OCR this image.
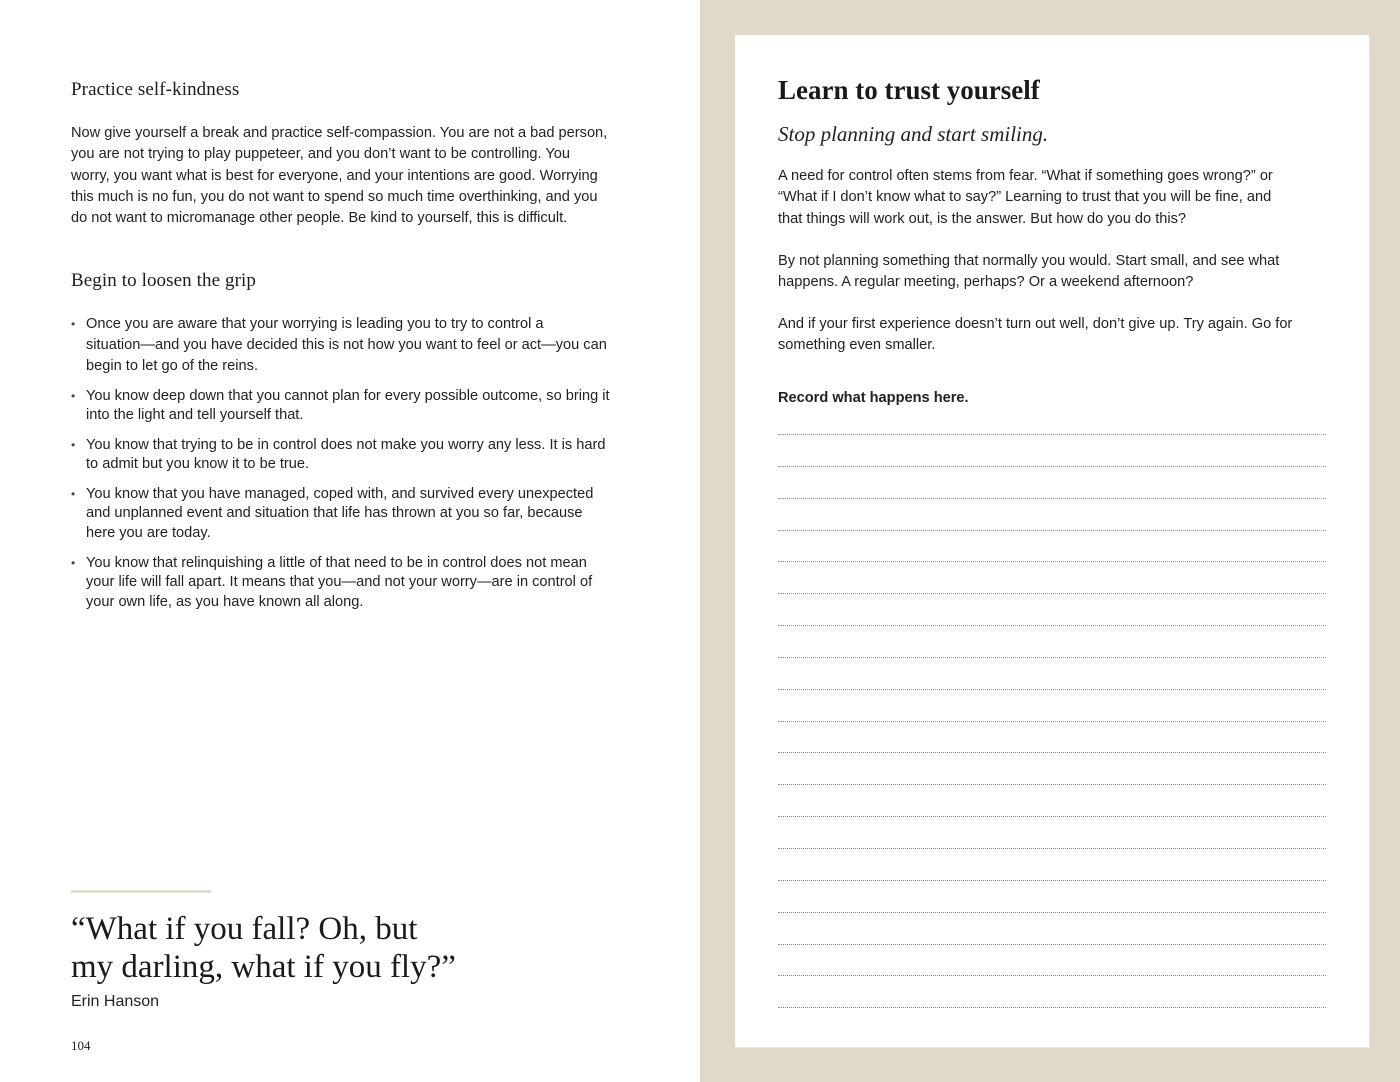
Practice self-kindness

Now give yourself a break and practice self-compassion. You are not a bad person,
you are not trying to play puppeteer, and you don’t want to be controlling. You
worry, you want what is best for everyone, and your intentions are good. Worrying
this much is no fun, you do not want to spend so much time overthinking, and you
do not want to micromanage other people. Be kind to yourself, this is difficult.

Begin to loosen the grip
• Once you are aware that your worrying is leading you to try to control a
situation—and you have decided this is not how you want to feel or act—you can
begin to let go of the reins.
• You know deep down that you cannot plan for every possible outcome, so bring it
into the light and tell yourself that.
• You know that trying to be in control does not make you worry any less. It is hard
to admit but you know it to be true.
• You know that you have managed, coped with, and survived every unexpected
and unplanned event and situation that life has thrown at you so far, because
here you are today.
• You know that relinquishing a little of that need to be in control does not mean
your life will fall apart. It means that you—and not your worry—are in control of
your own life, as you have known all along.
“What if you fall? Oh, but
my darling, what if you fly?”
Erin Hanson
104
Learn to trust yourself

Stop planning and start smiling.

A need for control often stems from fear. “What if something goes wrong?” or
“What if I don’t know what to say?” Learning to trust that you will be fine, and
that things will work out, is the answer. But how do you do this?

By not planning something that normally you would. Start small, and see what
happens. A regular meeting, perhaps? Or a weekend afternoon?

And if your first experience doesn’t turn out well, don’t give up. Try again. Go for
something even smaller.

Record what happens here.
